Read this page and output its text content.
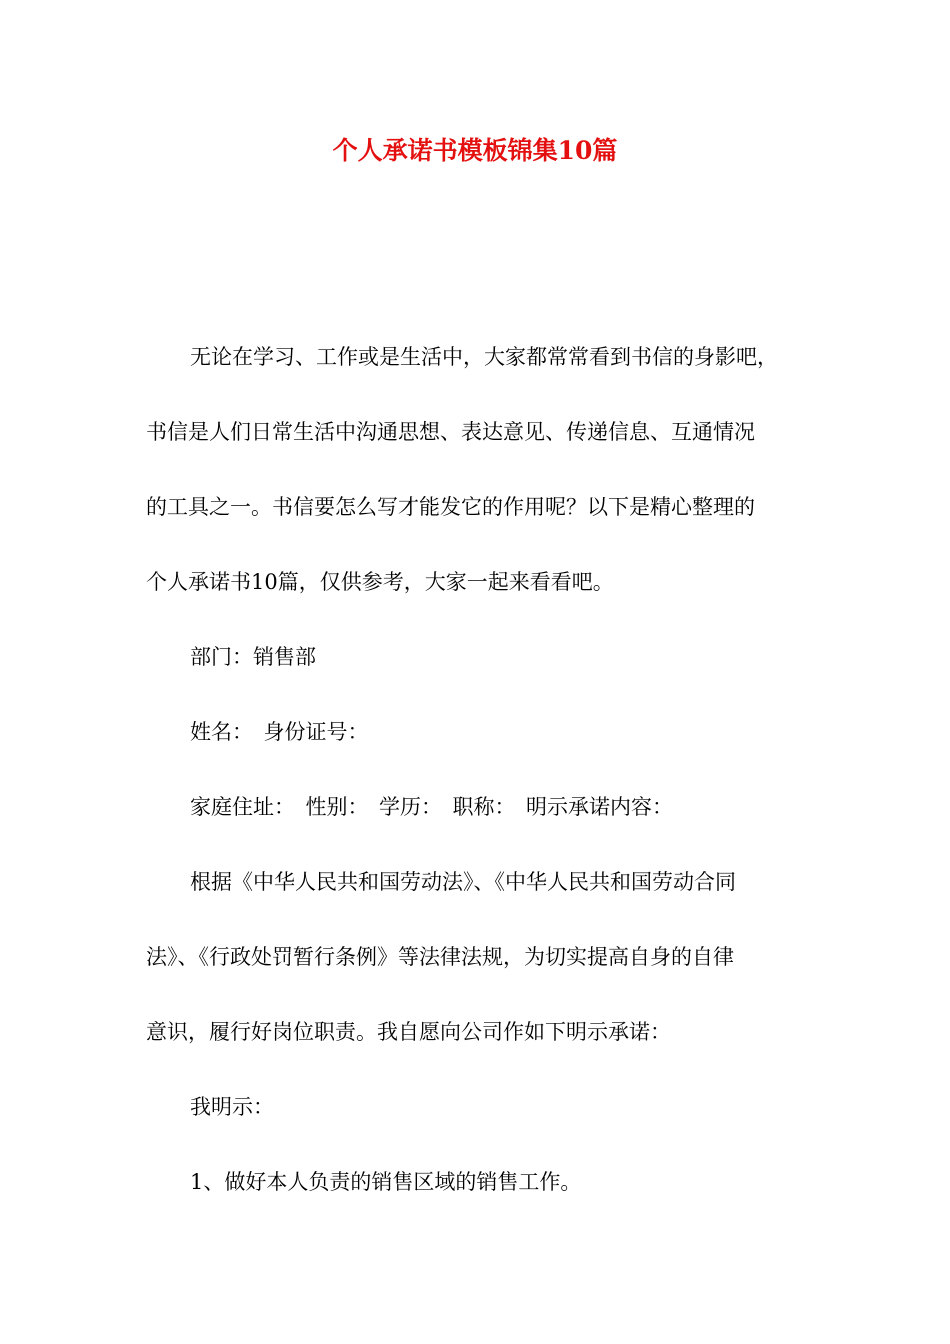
个人承诺书模板锦集10篇
无论在学习、工作或是生活中，大家都常常看到书信的身影吧，
书信是人们日常生活中沟通思想、表达意见、传递信息、互通情况
的工具之一。书信要怎么写才能发它的作用呢？以下是精心整理的
个人承诺书10篇，仅供参考，大家一起来看看吧。
部门：销售部
姓名：　身份证号：
家庭住址：　性别：　学历：　职称：　明示承诺内容：
根据《中华人民共和国劳动法》、《中华人民共和国劳动合同
法》、《行政处罚暂行条例》等法律法规，为切实提高自身的自律
意识，履行好岗位职责。我自愿向公司作如下明示承诺：
我明示：
1、做好本人负责的销售区域的销售工作。
